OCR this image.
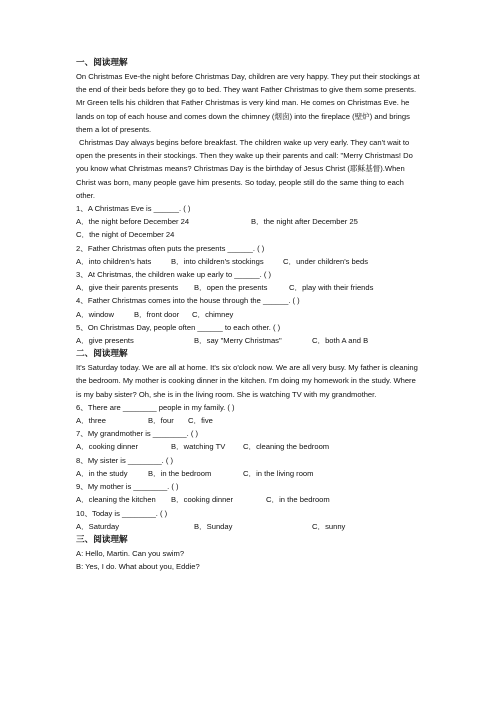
一、阅读理解

On Christmas Eve-the night before Christmas Day, children are very happy. They put their stockings at the end of their beds before they go to bed. They want Father Christmas to give them some presents. Mr Green tells his children that Father Christmas is very kind man. He comes on Christmas Eve. he lands on top of each house and comes down the chimney (烟囱) into the fireplace (壁炉) and brings them a lot of presents.

Christmas Day always begins before breakfast. The children wake up very early. They can't wait to open the presents in their stockings. Then they wake up their parents and call: "Merry Christmas! Do you know what Christmas means? Christmas Day is the birthday of Jesus Christ (耶稣基督).When Christ was born, many people gave him presents. So today, people still do the same thing to each other.

1、A Christmas Eve is ______. ( )

A．the night before December 24	B．the night after December 25
C．the night of December 24

2、Father Christmas often puts the presents ______. ( )

A．into children's hats	B．into children's stockings	C．under children's beds

3、At Christmas, the children wake up early to ______. ( )

A．give their parents presents	B．open the presents	C．play with their friends

4、Father Christmas comes into the house through the ______. ( )

A．window	B．front door	C．chimney

5、On Christmas Day, people often ______ to each other. ( )

A．give presents	B．say "Merry Christmas"	C．both A and B

二、阅读理解

It's Saturday today. We are all at home. It's six o'clock now. We are all very busy. My father is cleaning the bedroom. My mother is cooking dinner in the kitchen. I'm doing my homework in the study. Where is my baby sister? Oh, she is in the living room. She is watching TV with my grandmother.

6、There are ________ people in my family. ( )

A．three	B．four	C．five

7、My grandmother is ________. ( )

A．cooking dinner	B．watching TV	C．cleaning the bedroom

8、My sister is ________. ( )

A．in the study	B．in the bedroom	C．in the living room

9、My mother is ________. ( )

A．cleaning the kitchen	B．cooking dinner	C．in the bedroom

10、Today is ________. ( )

A．Saturday	B．Sunday	C．sunny

三、阅读理解

A: Hello, Martin. Can you swim?

B: Yes, I do. What about you, Eddie?
